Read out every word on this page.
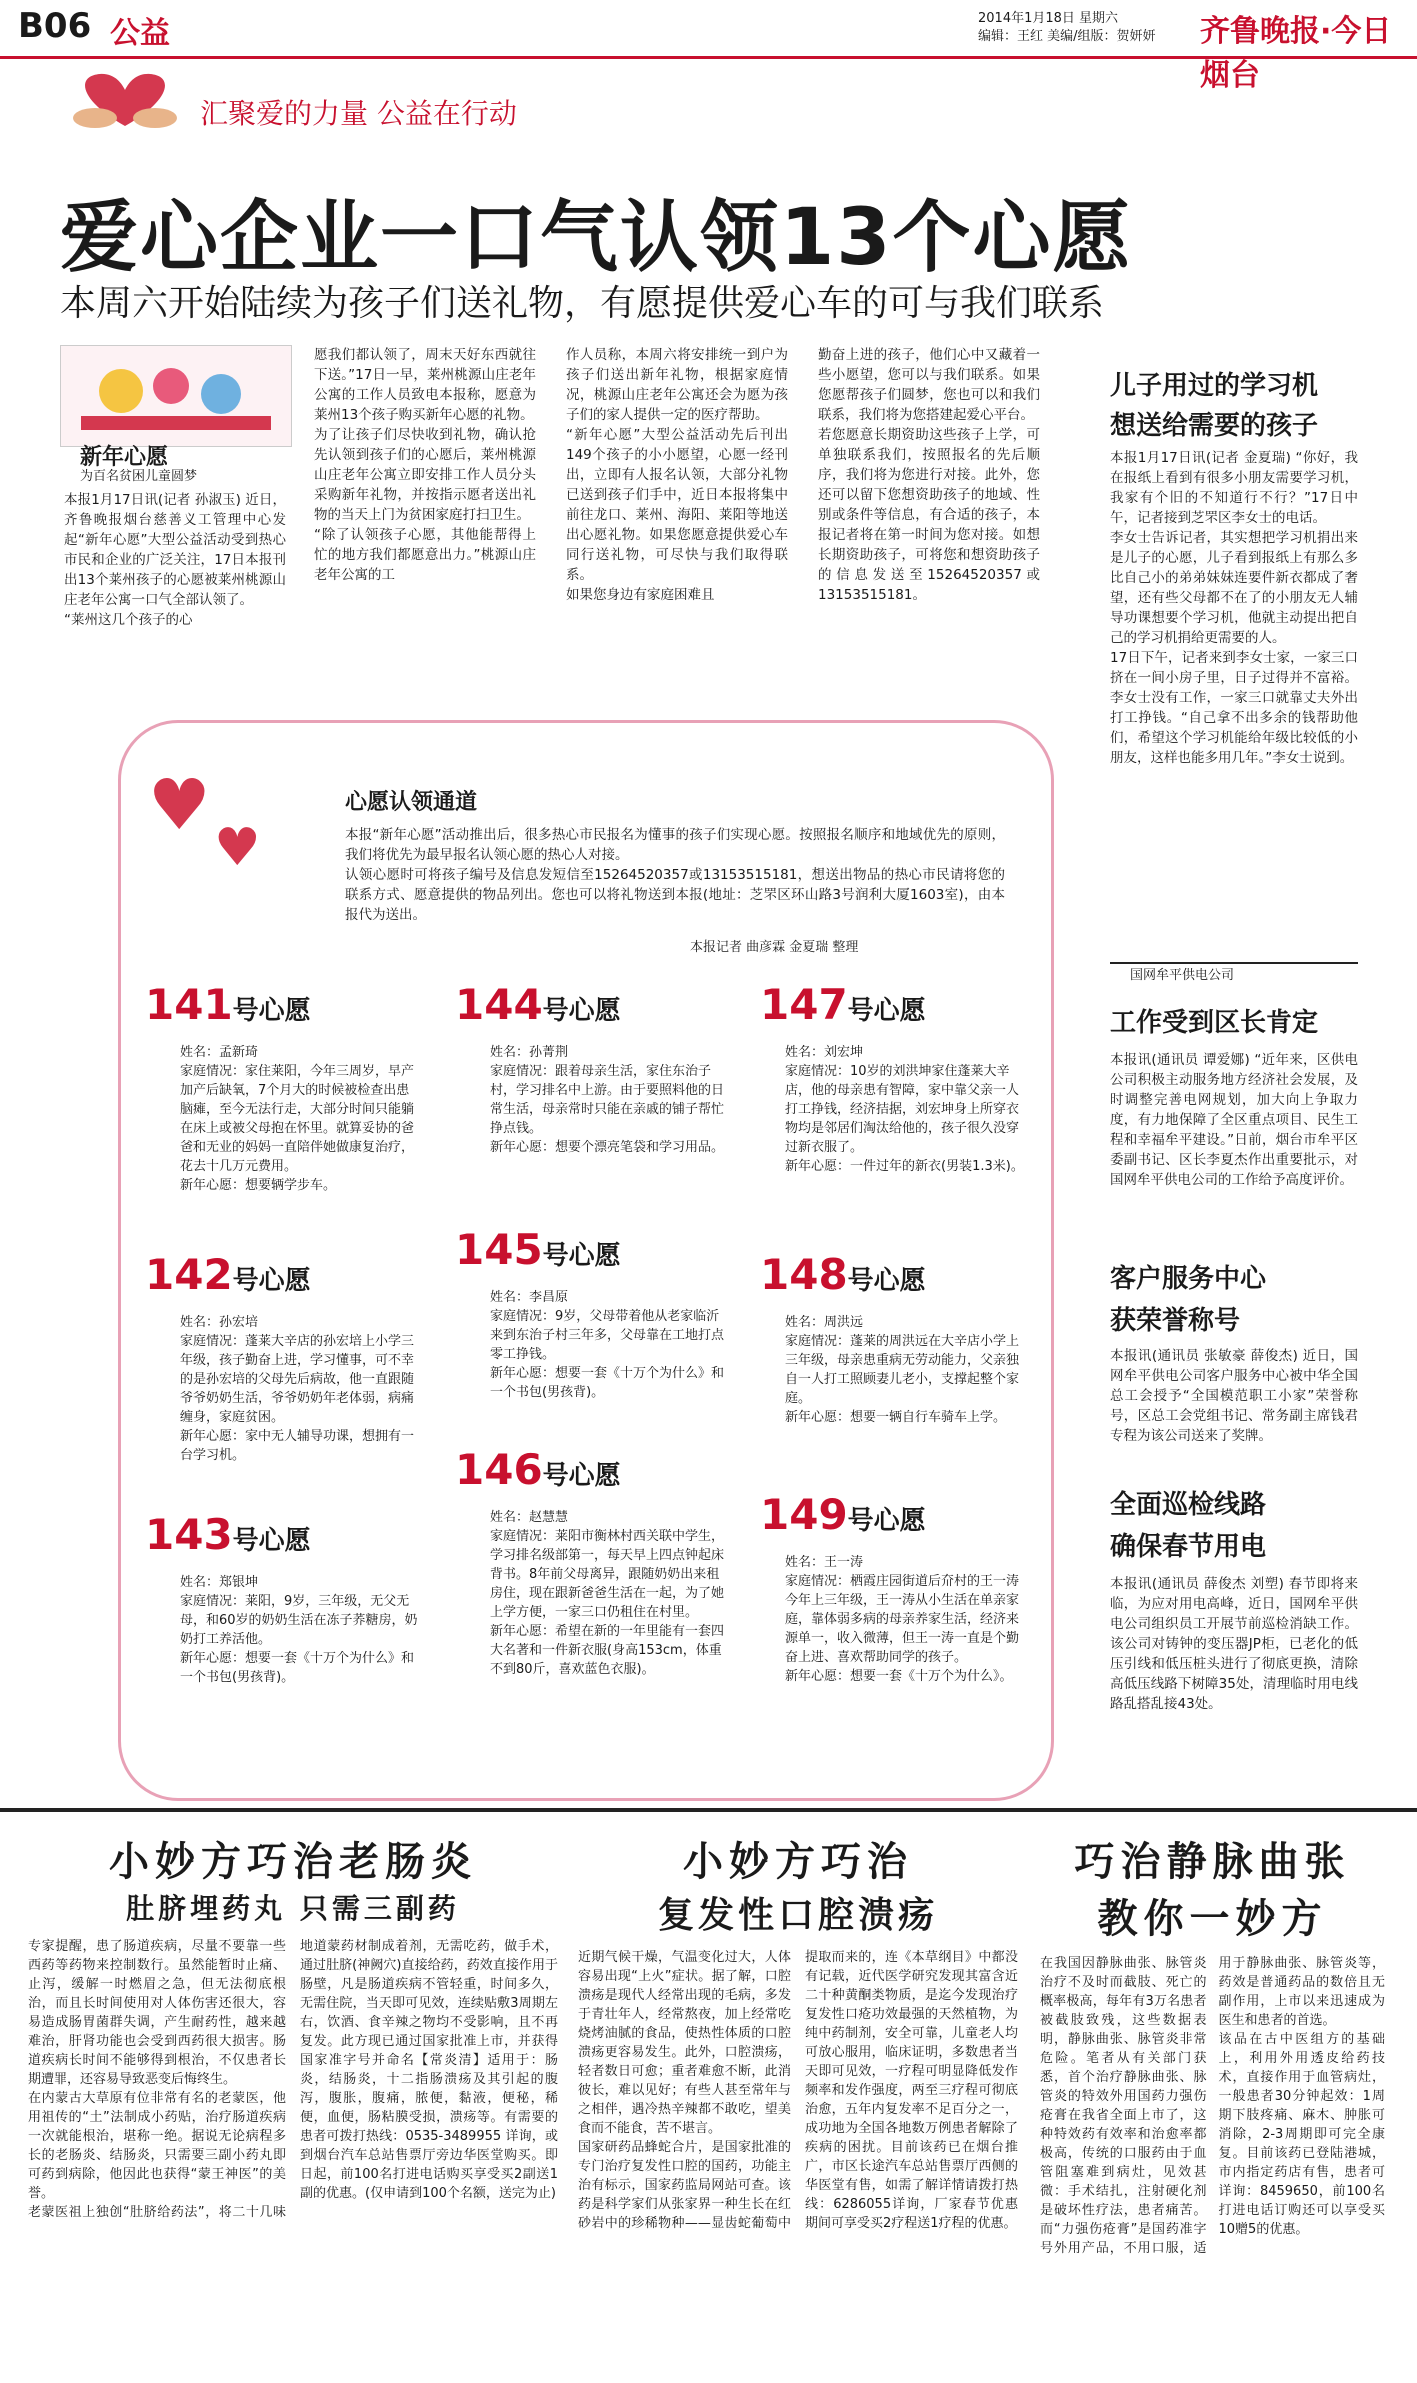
B06 公益	2014年1月18日 星期六
编辑：王红 美编/组版：贺妍妍 齐鲁晚报·今日烟台
汇聚爱的力量 公益在行动
爱心企业一口气认领13个心愿
本周六开始陆续为孩子们送礼物，有愿提供爱心车的可与我们联系
新年心愿
为百名贫困儿童圆梦
本报1月17日讯(记者 孙淑玉) 近日，齐鲁晚报烟台慈善义工管理中心发起“新年心愿”大型公益活动受到热心市民和企业的广泛关注，17日本报刊出13个莱州孩子的心愿被莱州桃源山庄老年公寓一口气全部认领了。
“莱州这几个孩子的心
愿我们都认领了，周末天好东西就往下送。”17日一早，莱州桃源山庄老年公寓的工作人员致电本报称，愿意为莱州13个孩子购买新年心愿的礼物。
为了让孩子们尽快收到礼物，确认抢先认领到孩子们的心愿后，莱州桃源山庄老年公寓立即安排工作人员分头采购新年礼物，并按指示愿者送出礼物的当天上门为贫困家庭打扫卫生。
“除了认领孩子心愿，其他能帮得上忙的地方我们都愿意出力。”桃源山庄老年公寓的工
作人员称，本周六将安排统一到户为孩子们送出新年礼物，根据家庭情况，桃源山庄老年公寓还会为愿为孩子们的家人提供一定的医疗帮助。
“新年心愿”大型公益活动先后刊出149个孩子的小小愿望，心愿一经刊出，立即有人报名认领，大部分礼物已送到孩子们手中，近日本报将集中前往龙口、莱州、海阳、莱阳等地送出心愿礼物。如果您愿意提供爱心车同行送礼物，可尽快与我们取得联系。
如果您身边有家庭困难且
勤奋上进的孩子，他们心中又藏着一些小愿望，您可以与我们联系。如果您愿帮孩子们圆梦，您也可以和我们联系，我们将为您搭建起爱心平台。
若您愿意长期资助这些孩子上学，可单独联系我们，按照报名的先后顺序，我们将为您进行对接。此外，您还可以留下您想资助孩子的地域、性别或条件等信息，有合适的孩子，本报记者将在第一时间为您对接。如想长期资助孩子，可将您和想资助孩子的信息发送至15264520357或13153515181。
儿子用过的学习机
想送给需要的孩子
本报1月17日讯(记者 金夏瑞) “你好，我在报纸上看到有很多小朋友需要学习机，我家有个旧的不知道行不行？”17日中午，记者接到芝罘区李女士的电话。
李女士告诉记者，其实想把学习机捐出来是儿子的心愿，儿子看到报纸上有那么多比自己小的弟弟妹妹连要件新衣都成了奢望，还有些父母都不在了的小朋友无人辅导功课想要个学习机，他就主动提出把自己的学习机捐给更需要的人。
17日下午，记者来到李女士家，一家三口挤在一间小房子里，日子过得并不富裕。李女士没有工作，一家三口就靠丈夫外出打工挣钱。“自己拿不出多余的钱帮助他们，希望这个学习机能给年级比较低的小朋友，这样也能多用几年。”李女士说到。
国网牟平供电公司
工作受到区长肯定
本报讯(通讯员 谭爱娜) “近年来，区供电公司积极主动服务地方经济社会发展，及时调整完善电网规划，加大向上争取力度，有力地保障了全区重点项目、民生工程和幸福牟平建设。”日前，烟台市牟平区委副书记、区长李夏杰作出重要批示，对国网牟平供电公司的工作给予高度评价。
客户服务中心
获荣誉称号
本报讯(通讯员 张敏豪 薛俊杰) 近日，国网牟平供电公司客户服务中心被中华全国总工会授予“全国模范职工小家”荣誉称号，区总工会党组书记、常务副主席钱君专程为该公司送来了奖牌。
全面巡检线路
确保春节用电
本报讯(通讯员 薛俊杰 刘塑) 春节即将来临，为应对用电高峰，近日，国网牟平供电公司组织员工开展节前巡检消缺工作。该公司对铸钟的变压器JP柜，已老化的低压引线和低压桩头进行了彻底更换，清除高低压线路下树障35处，清理临时用电线路乱搭乱接43处。
♥
♥
心愿认领通道
本报“新年心愿”活动推出后，很多热心市民报名为懂事的孩子们实现心愿。按照报名顺序和地域优先的原则，我们将优先为最早报名认领心愿的热心人对接。
认领心愿时可将孩子编号及信息发短信至15264520357或13153515181，想送出物品的热心市民请将您的联系方式、愿意提供的物品列出。您也可以将礼物送到本报(地址：芝罘区环山路3号润利大厦1603室)，由本报代为送出。
本报记者 曲彦霖 金夏瑞 整理
141号心愿
姓名：孟新琦
家庭情况：家住莱阳，今年三周岁，早产加产后缺氧，7个月大的时候被检查出患脑瘫，至今无法行走，大部分时间只能躺在床上或被父母抱在怀里。就算妥协的爸爸和无业的妈妈一直陪伴她做康复治疗，花去十几万元费用。
新年心愿：想要辆学步车。
142号心愿
姓名：孙宏培
家庭情况：蓬莱大辛店的孙宏培上小学三年级，孩子勤奋上进，学习懂事，可不幸的是孙宏培的父母先后病故，他一直跟随爷爷奶奶生活，爷爷奶奶年老体弱，病痛缠身，家庭贫困。
新年心愿：家中无人辅导功课，想拥有一台学习机。
143号心愿
姓名：郑银坤
家庭情况：莱阳，9岁，三年级，无父无母，和60岁的奶奶生活在冻子荞糖房，奶奶打工养活他。
新年心愿：想要一套《十万个为什么》和一个书包(男孩背)。
144号心愿
姓名：孙菁荆
家庭情况：跟着母亲生活，家住东治子村，学习排名中上游。由于要照料他的日常生活，母亲常时只能在亲戚的铺子帮忙挣点钱。
新年心愿：想要个漂亮笔袋和学习用品。
145号心愿
姓名：李昌原
家庭情况：9岁，父母带着他从老家临沂来到东治子村三年多，父母靠在工地打点零工挣钱。
新年心愿：想要一套《十万个为什么》和一个书包(男孩背)。
146号心愿
姓名：赵慧慧
家庭情况：莱阳市衡林村西关联中学生，学习排名级部第一，每天早上四点钟起床背书。8年前父母离异，跟随奶奶出来租房住，现在跟新爸爸生活在一起，为了她上学方便，一家三口仍租住在村里。
新年心愿：希望在新的一年里能有一套四大名著和一件新衣服(身高153cm，体重不到80斤，喜欢蓝色衣服)。
147号心愿
姓名：刘宏坤
家庭情况：10岁的刘洪坤家住蓬莱大辛店，他的母亲患有智障，家中靠父亲一人打工挣钱，经济拮据，刘宏坤身上所穿衣物均是邻居们淘汰给他的，孩子很久没穿过新衣服了。
新年心愿：一件过年的新衣(男装1.3米)。
148号心愿
姓名：周洪远
家庭情况：蓬莱的周洪远在大辛店小学上三年级，母亲患重病无劳动能力，父亲独自一人打工照顾妻儿老小，支撑起整个家庭。
新年心愿：想要一辆自行车骑车上学。
149号心愿
姓名：王一涛
家庭情况：栖霞庄园街道后夼村的王一涛今年上三年级，王一涛从小生活在单亲家庭，靠体弱多病的母亲养家生活，经济来源单一，收入微薄，但王一涛一直是个勤奋上进、喜欢帮助同学的孩子。
新年心愿：想要一套《十万个为什么》。
小妙方巧治老肠炎
肚脐埋药丸 只需三副药
专家提醒，患了肠道疾病，尽量不要靠一些西药等药物来控制数行。虽然能暂时止痛、止泻，缓解一时燃眉之急，但无法彻底根治，而且长时间使用对人体伤害还很大，容易造成肠胃菌群失调，产生耐药性，越来越难治，肝肾功能也会受到西药很大损害。肠道疾病长时间不能够得到根治，不仅患者长期遭罪，还容易导致恶变后悔终生。
在内蒙古大草原有位非常有名的老蒙医，他用祖传的“土”法制成小药贴，治疗肠道疾病一次就能根治，堪称一绝。据说无论病程多长的老肠炎、结肠炎，只需要三副小药丸即可药到病除，他因此也获得“蒙王神医”的美誉。
老蒙医祖上独创“肚脐给药法”，将二十几味地道蒙药材制成着剂，无需吃药，做手术，通过肚脐(神阙穴)直接给药，药效直接作用于肠壁，凡是肠道疾病不管轻重，时间多久，无需住院，当天即可见效，连续贴敷3周期左右，饮酒、食辛辣之物均不受影响，且不再复发。此方现已通过国家批准上市，并获得国家准字号并命名【常炎清】适用于：肠炎，结肠炎，十二指肠溃疡及其引起的腹泻，腹胀，腹痛，脓便，黏液，便秘，稀便，血便，肠粘膜受损，溃疡等。有需要的患者可拨打热线：0535-3489955 详询，或到烟台汽车总站售票厅旁边华医堂购买。即日起，前100名打进电话购买享受买2副送1副的优惠。(仅申请到100个名额，送完为止)
小妙方巧治
复发性口腔溃疡
近期气候干燥，气温变化过大，人体容易出现“上火”症状。据了解，口腔溃疡是现代人经常出现的毛病，多发于青壮年人，经常熬夜，加上经常吃烧烤油腻的食品，使热性体质的口腔溃疡更容易发生。此外，口腔溃疡，轻者数日可愈；重者难愈不断，此消彼长，难以见好；有些人甚至常年与之相伴，遇冷热辛辣都不敢吃，望美食而不能食，苦不堪言。
国家研药品蜂蛇合片，是国家批准的专门治疗复发性口腔的国药，功能主治有标示，国家药监局网站可查。该药是科学家们从张家界一种生长在红砂岩中的珍稀物种——显齿蛇葡萄中提取而来的，连《本草纲目》中都没有记载，近代医学研究发现其富含近二十种黄酮类物质，是迄今发现治疗复发性口疮功效最强的天然植物，为纯中药制剂，安全可靠，儿童老人均可放心服用，临床证明，多数患者当天即可见效，一疗程可明显降低发作频率和发作强度，两至三疗程可彻底治愈，五年内复发率不足百分之一，成功地为全国各地数万例患者解除了疾病的困扰。目前该药已在烟台推广，市区长途汽车总站售票厅西侧的华医堂有售，如需了解详情请拨打热线：6286055详询，厂家春节优惠期间可享受买2疗程送1疗程的优惠。
巧治静脉曲张
教你一妙方
在我国因静脉曲张、脉管炎治疗不及时而截肢、死亡的概率极高，每年有3万名患者被截肢致残，这些数据表明，静脉曲张、脉管炎非常危险。笔者从有关部门获悉，首个治疗静脉曲张、脉管炎的特效外用国药力强伤疮膏在我省全面上市了，这种特效药有效率和治愈率都极高，传统的口服药由于血管阻塞难到病灶，见效甚微：手术结扎，注射硬化剂是破坏性疗法，患者痛苦。而“力强伤疮膏”是国药准字号外用产品，不用口服，适用于静脉曲张、脉管炎等，药效是普通药品的数倍且无副作用，上市以来迅速成为医生和患者的首选。
该品在古中医组方的基础上，利用外用透皮给药技术，直接作用于血管病灶，一般患者30分钟起效：1周期下肢疼痛、麻木、肿胀可消除，2-3周期即可完全康复。目前该药已登陆港城，市内指定药店有售，患者可详询：8459650，前100名打进电话订购还可以享受买10赠5的优惠。
